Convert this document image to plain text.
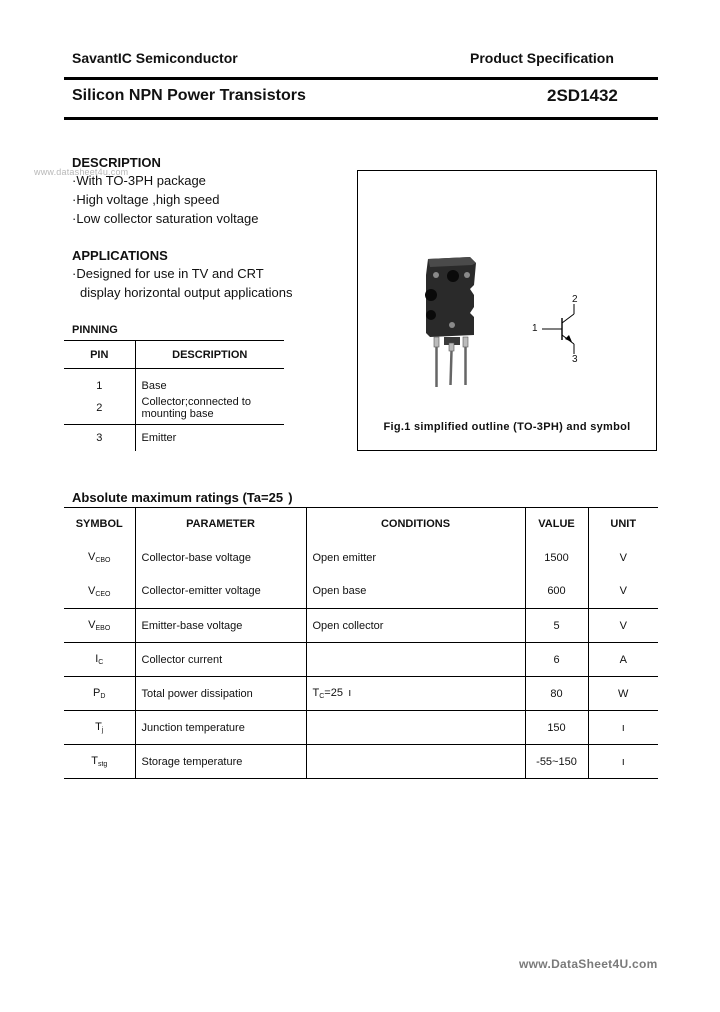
SavantIC Semiconductor	Product Specification
Silicon NPN Power Transistors	2SD1432
www.datasheet4u.com
DESCRIPTION
·With TO-3PH package
·High voltage ,high speed
·Low collector saturation voltage
APPLICATIONS
·Designed for use in TV and CRT
display horizontal output applications
PINNING
PIN	DESCRIPTION
1	Base
2	Collector;connected to mounting base
3	Emitter
1
2
3
Fig.1 simplified outline (TO-3PH) and symbol
Absolute maximum ratings (Ta=25  )
SYMBOL	PARAMETER	CONDITIONS	VALUE	UNIT
$V_{CBO}$	Collector-base voltage	Open emitter	1500	V
$V_{CEO}$	Collector-emitter voltage	Open base	600	V
$V_{EBO}$	Emitter-base voltage	Open collector	5	V
$I_C$	Collector current		6	A
$P_D$	Total power dissipation	$T_C=25$  ı	80	W
$T_j$	Junction temperature		150	ı
$T_{stg}$	Storage temperature		-55~150	ı
www.DataSheet4U.com
